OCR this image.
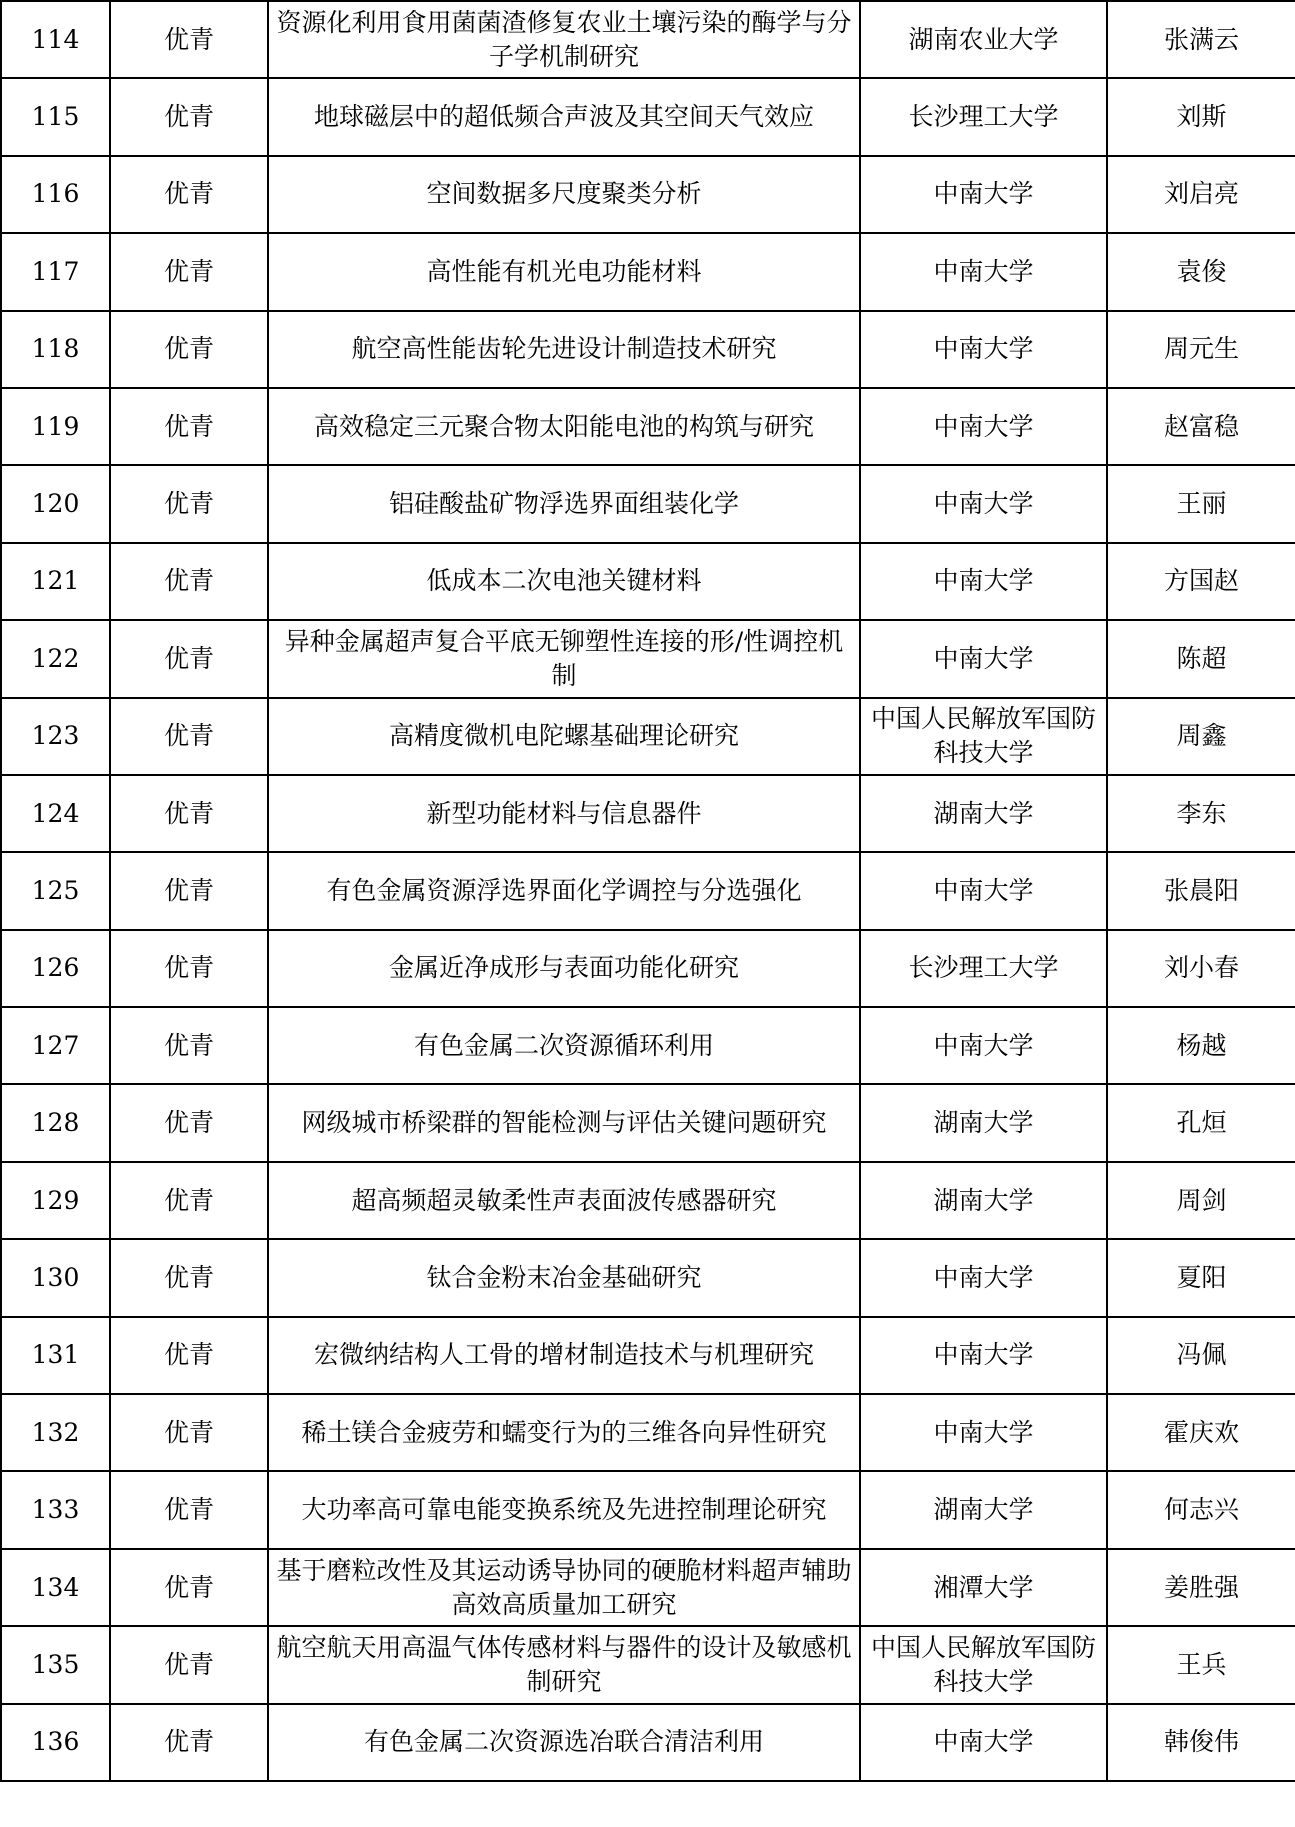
114	优青	资源化利用食用菌菌渣修复农业土壤污染的酶学与分子学机制研究	湖南农业大学	张满云
115	优青	地球磁层中的超低频合声波及其空间天气效应	长沙理工大学	刘斯
116	优青	空间数据多尺度聚类分析	中南大学	刘启亮
117	优青	高性能有机光电功能材料	中南大学	袁俊
118	优青	航空高性能齿轮先进设计制造技术研究	中南大学	周元生
119	优青	高效稳定三元聚合物太阳能电池的构筑与研究	中南大学	赵富稳
120	优青	铝硅酸盐矿物浮选界面组装化学	中南大学	王丽
121	优青	低成本二次电池关键材料	中南大学	方国赵
122	优青	异种金属超声复合平底无铆塑性连接的形/性调控机制	中南大学	陈超
123	优青	高精度微机电陀螺基础理论研究	中国人民解放军国防科技大学	周鑫
124	优青	新型功能材料与信息器件	湖南大学	李东
125	优青	有色金属资源浮选界面化学调控与分选强化	中南大学	张晨阳
126	优青	金属近净成形与表面功能化研究	长沙理工大学	刘小春
127	优青	有色金属二次资源循环利用	中南大学	杨越
128	优青	网级城市桥梁群的智能检测与评估关键问题研究	湖南大学	孔烜
129	优青	超高频超灵敏柔性声表面波传感器研究	湖南大学	周剑
130	优青	钛合金粉末冶金基础研究	中南大学	夏阳
131	优青	宏微纳结构人工骨的增材制造技术与机理研究	中南大学	冯佩
132	优青	稀土镁合金疲劳和蠕变行为的三维各向异性研究	中南大学	霍庆欢
133	优青	大功率高可靠电能变换系统及先进控制理论研究	湖南大学	何志兴
134	优青	基于磨粒改性及其运动诱导协同的硬脆材料超声辅助高效高质量加工研究	湘潭大学	姜胜强
135	优青	航空航天用高温气体传感材料与器件的设计及敏感机制研究	中国人民解放军国防科技大学	王兵
136	优青	有色金属二次资源选冶联合清洁利用	中南大学	韩俊伟
